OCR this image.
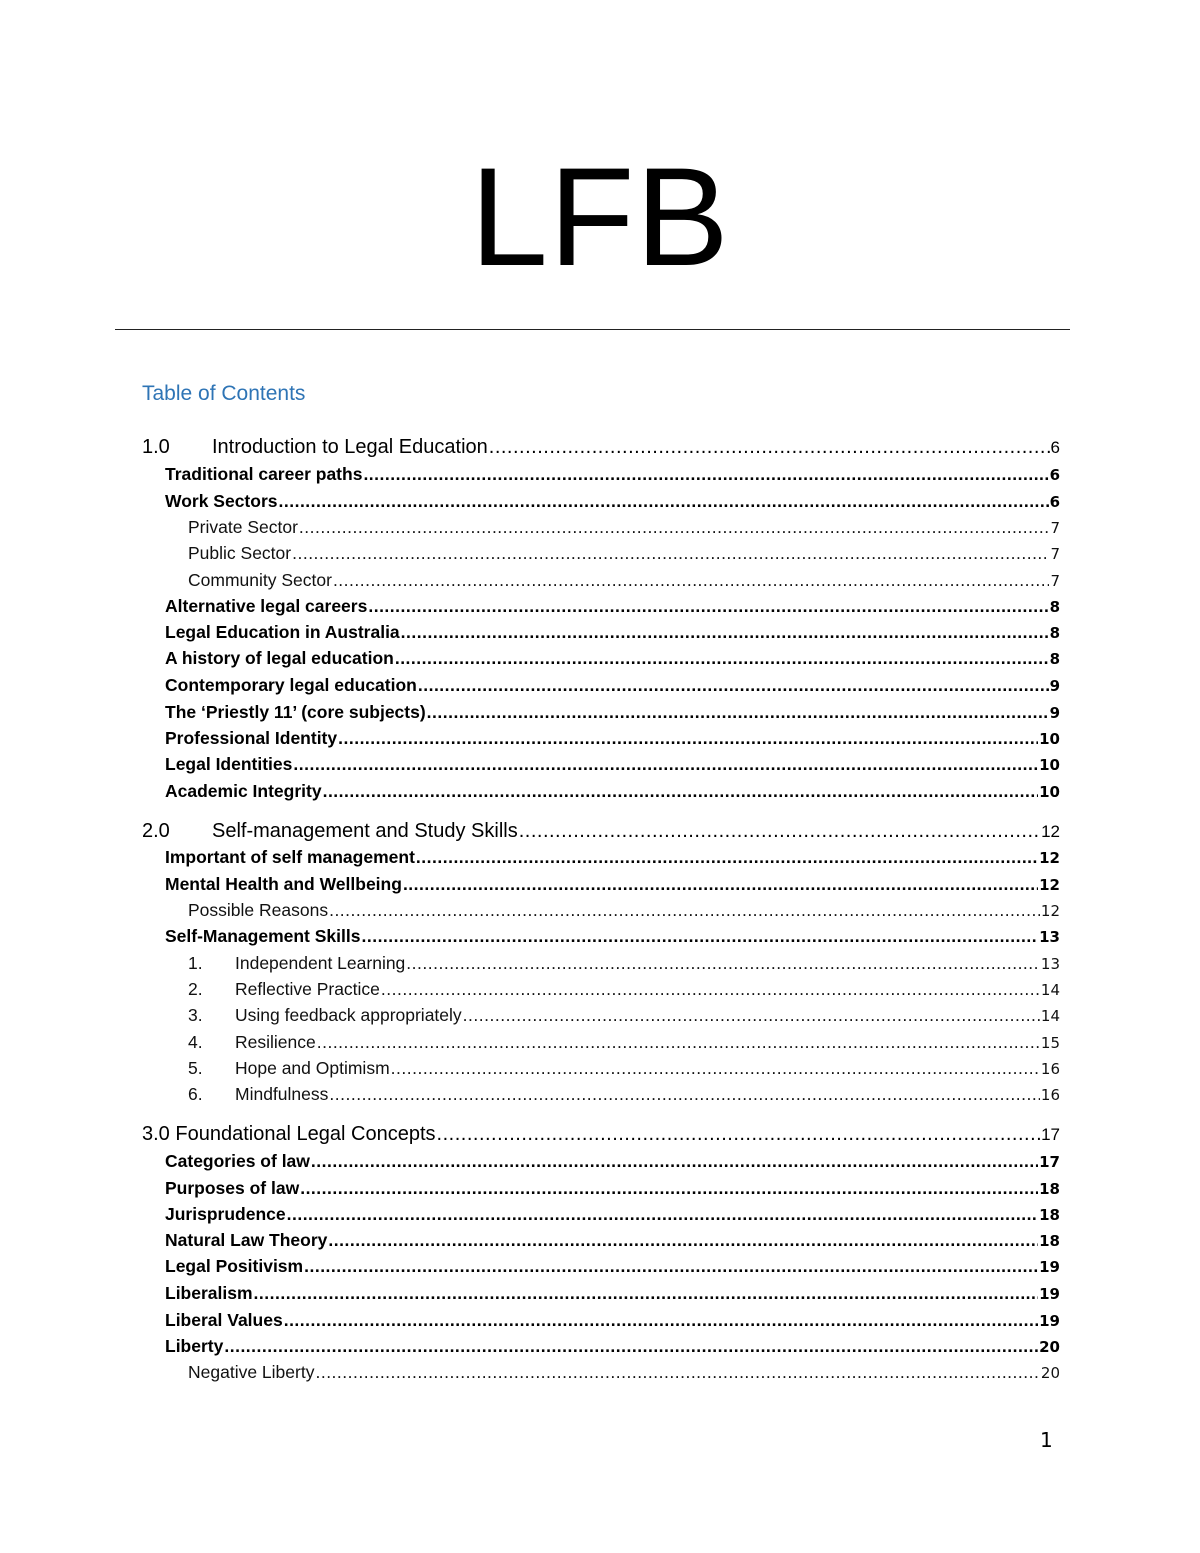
LFB
Table of Contents
1.0 Introduction to Legal Education .....	6
Traditional career paths .....	6
Work Sectors .....	6
Private Sector .....	7
Public Sector .....	7
Community Sector .....	7
Alternative legal careers .....	8
Legal Education in Australia .....	8
A history of legal education .....	8
Contemporary legal education .....	9
The ‘Priestly 11’ (core subjects) .....	9
Professional Identity .....	10
Legal Identities .....	10
Academic Integrity .....	10
2.0 Self-management and Study Skills .....	12
Important of self management .....	12
Mental Health and Wellbeing .....	12
Possible Reasons .....	12
Self-Management Skills .....	13
1. Independent Learning .....	13
2. Reflective Practice .....	14
3. Using feedback appropriately .....	14
4. Resilience .....	15
5. Hope and Optimism .....	16
6. Mindfulness .....	16
3.0 Foundational Legal Concepts .....	17
Categories of law .....	17
Purposes of law .....	18
Jurisprudence .....	18
Natural Law Theory .....	18
Legal Positivism .....	19
Liberalism .....	19
Liberal Values .....	19
Liberty .....	20
Negative Liberty .....	20
1
